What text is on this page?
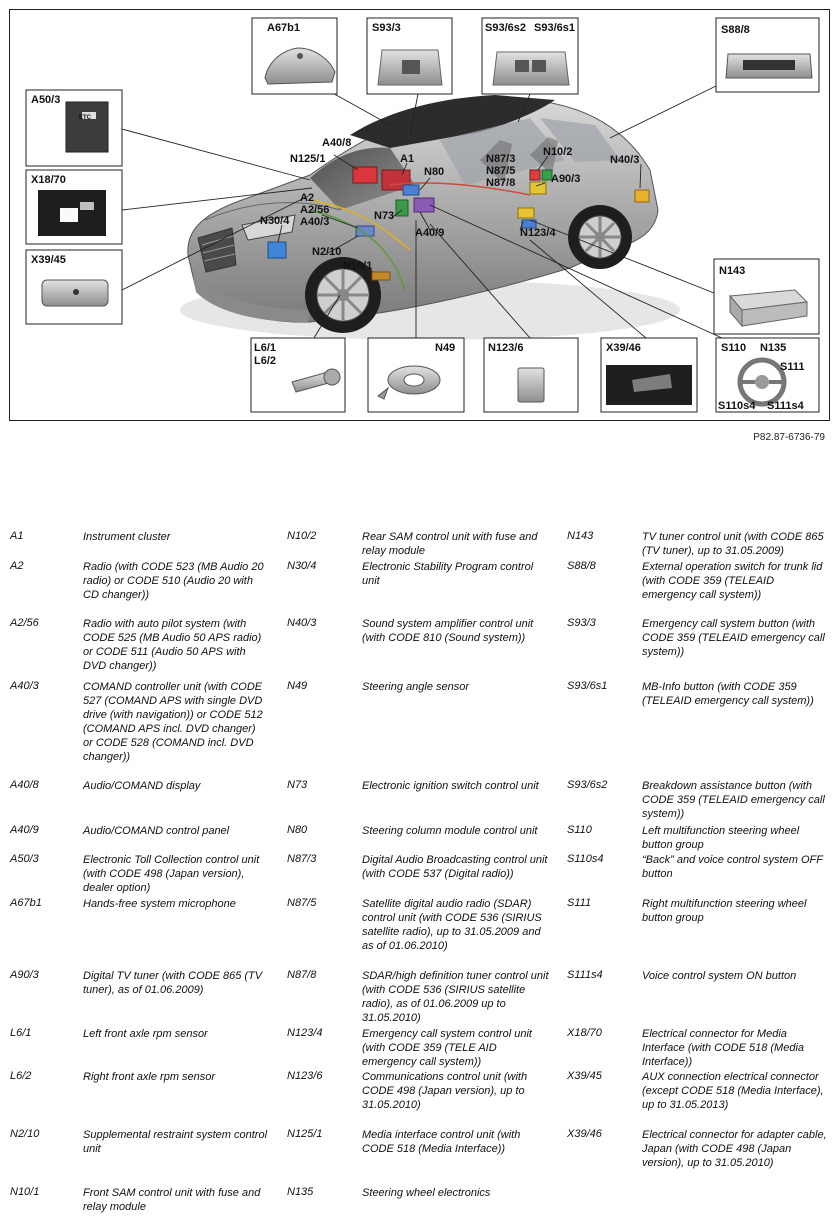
A67b1	S93/3	S93/6s2 S93/6s1	S88/8
ETC
A50/3
X18/70
X39/45
N143
L6/1
L6/2
N49	N123/6	X39/46	S110 N135
S111
S110s4 S111s4
A40/8
N125/1	A1
N80
N87/3
N10/2
N87/5
N87/8	A90/3
N40/3
A2
A2/56
A40/3
N30/4	N73
A40/9	N123/4
N2/10
N10/1
P82.87-6736-79
A1	Instrument cluster
A2	Radio (with CODE 523 (MB Audio 20 radio) or CODE 510 (Audio 20 with CD changer))
A2/56	Radio with auto pilot system (with CODE 525 (MB Audio 50 APS radio) or CODE 511 (Audio 50 APS with DVD changer))
A40/3	COMAND controller unit (with CODE 527 (COMAND APS with single DVD drive (with navigation)) or CODE 512 (COMAND APS incl. DVD changer) or CODE 528 (COMAND incl. DVD changer))
A40/8	Audio/COMAND display
A40/9	Audio/COMAND control panel
A50/3	Electronic Toll Collection control unit (with CODE 498 (Japan version), dealer option)
A67b1	Hands-free system microphone
A90/3	Digital TV tuner (with CODE 865 (TV tuner), as of 01.06.2009)
L6/1	Left front axle rpm sensor
L6/2	Right front axle rpm sensor
N2/10	Supplemental restraint system control unit
N10/1	Front SAM control unit with fuse and relay module
N10/2	Rear SAM control unit with fuse and relay module
N30/4	Electronic Stability Program control unit
N40/3	Sound system amplifier control unit (with CODE 810 (Sound system))
N49	Steering angle sensor
N73	Electronic ignition switch control unit
N80	Steering column module control unit
N87/3	Digital Audio Broadcasting control unit (with CODE 537 (Digital radio))
N87/5	Satellite digital audio radio (SDAR) control unit (with CODE 536 (SIRIUS satellite radio), up to 31.05.2009 and as of 01.06.2010)
N87/8	SDAR/high definition tuner control unit (with CODE 536 (SIRIUS satellite radio), as of 01.06.2009 up to 31.05.2010)
N123/4	Emergency call system control unit (with CODE 359 (TELE AID emergency call system))
N123/6	Communications control unit (with CODE 498 (Japan version), up to 31.05.2010)
N125/1	Media interface control unit (with CODE 518 (Media Interface))
N135	Steering wheel electronics
N143	TV tuner control unit (with CODE 865 (TV tuner), up to 31.05.2009)
S88/8	External operation switch for trunk lid (with CODE 359 (TELEAID emergency call system))
S93/3	Emergency call system button (with CODE 359 (TELEAID emergency call system))
S93/6s1	MB-Info button (with CODE 359 (TELEAID emergency call system))
S93/6s2	Breakdown assistance button (with CODE 359 (TELEAID emergency call system))
S110	Left multifunction steering wheel button group
S110s4	“Back” and voice control system OFF button
S111	Right multifunction steering wheel button group
S111s4	Voice control system ON button
X18/70	Electrical connector for Media Interface (with CODE 518 (Media Interface))
X39/45	AUX connection electrical connector (except CODE 518 (Media Interface), up to 31.05.2013)
X39/46	Electrical connector for adapter cable, Japan (with CODE 498 (Japan version), up to 31.05.2010)
